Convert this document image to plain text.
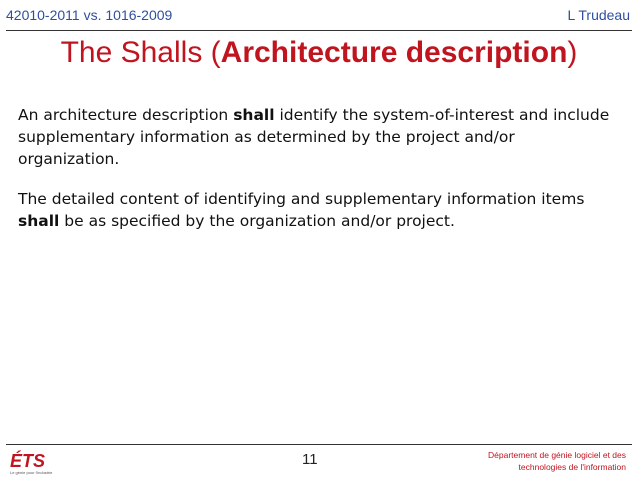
42010-2011 vs. 1016-2009	L Trudeau
The Shalls (Architecture description)

An architecture description shall identify the system-of-interest and include supplementary information as determined by the project and/or organization.

The detailed content of identifying and supplementary information items shall be as specified by the organization and/or project.

ÉTS
Le génie pour l'industrie
11	Département de génie logiciel et des
technologies de l'information
